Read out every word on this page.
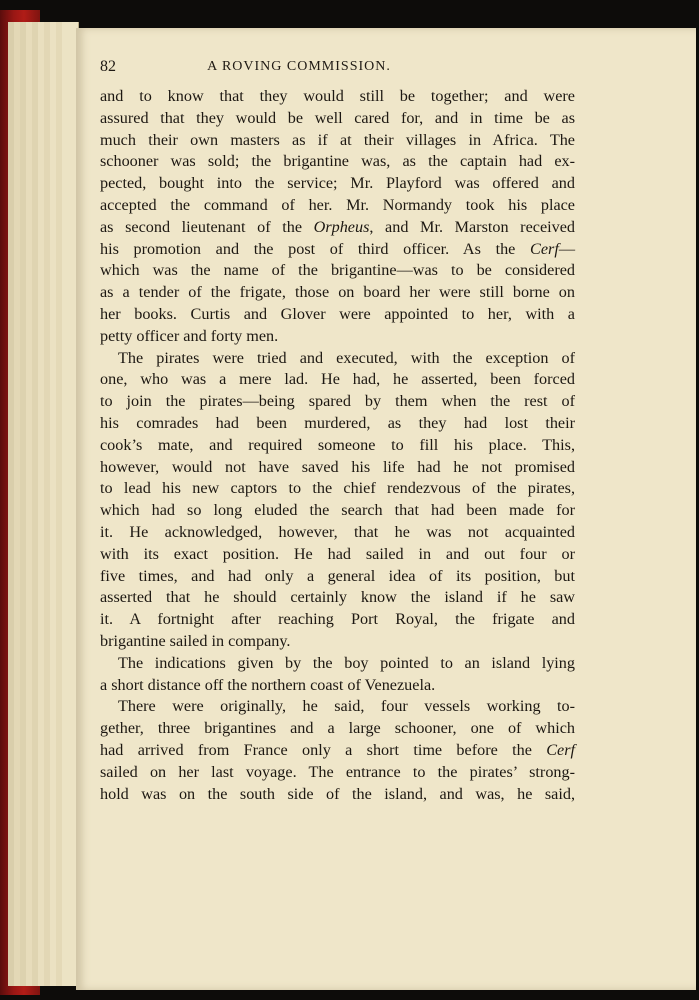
82	A ROVING COMMISSION.
and to know that they would still be together; and were
assured that they would be well cared for, and in time be as
much their own masters as if at their villages in Africa. The
schooner was sold; the brigantine was, as the captain had ex-
pected, bought into the service; Mr. Playford was offered and
accepted the command of her. Mr. Normandy took his place
as second lieutenant of the Orpheus, and Mr. Marston received
his promotion and the post of third officer. As the Cerf—
which was the name of the brigantine—was to be considered
as a tender of the frigate, those on board her were still borne on
her books. Curtis and Glover were appointed to her, with a
petty officer and forty men.
The pirates were tried and executed, with the exception of
one, who was a mere lad. He had, he asserted, been forced
to join the pirates—being spared by them when the rest of
his comrades had been murdered, as they had lost their
cook’s mate, and required someone to fill his place. This,
however, would not have saved his life had he not promised
to lead his new captors to the chief rendezvous of the pirates,
which had so long eluded the search that had been made for
it. He acknowledged, however, that he was not acquainted
with its exact position. He had sailed in and out four or
five times, and had only a general idea of its position, but
asserted that he should certainly know the island if he saw
it. A fortnight after reaching Port Royal, the frigate and
brigantine sailed in company.
The indications given by the boy pointed to an island lying
a short distance off the northern coast of Venezuela.
There were originally, he said, four vessels working to-
gether, three brigantines and a large schooner, one of which
had arrived from France only a short time before the Cerf
sailed on her last voyage. The entrance to the pirates’ strong-
hold was on the south side of the island, and was, he said,
